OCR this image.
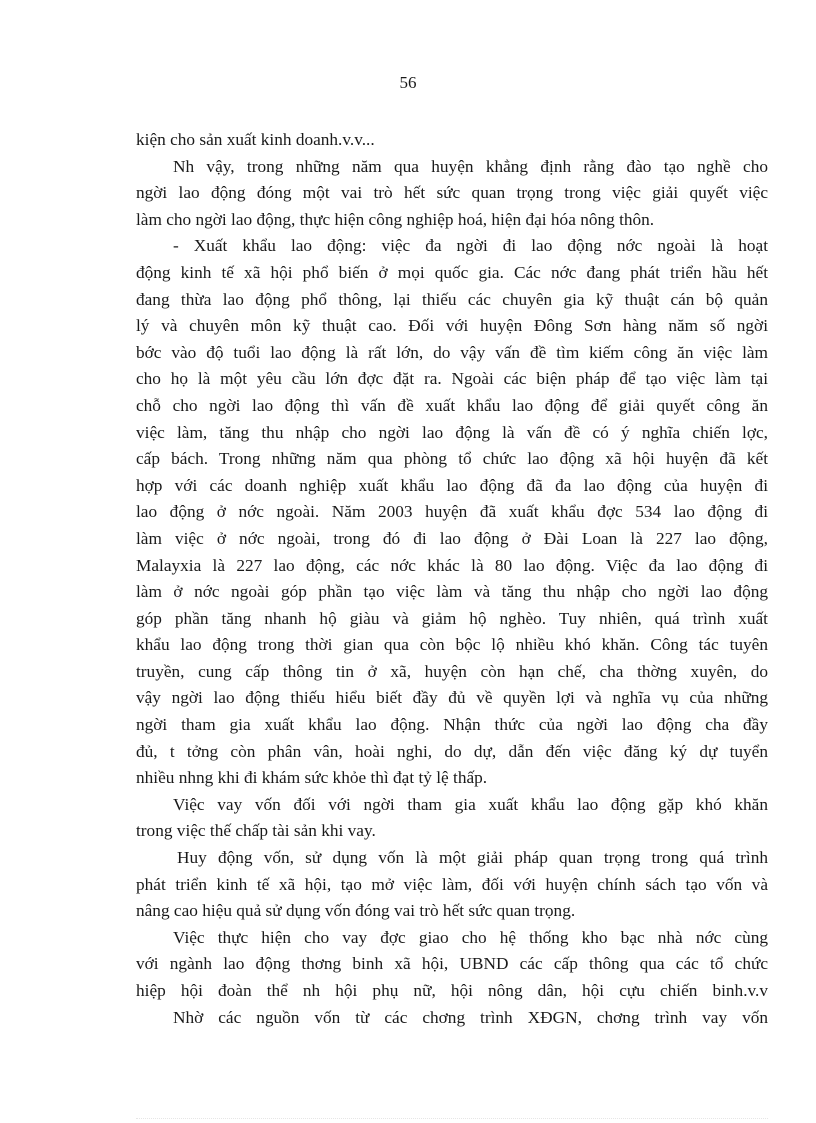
56
kiện cho sản xuất kinh doanh.v.v...
Nh vậy, trong những năm qua huyện khẳng định rằng đào tạo nghề cho
ngời lao động đóng một vai trò hết sức quan trọng trong việc giải quyết việc
làm cho ngời lao động, thực hiện công nghiệp hoá, hiện đại hóa nông thôn.
- Xuất khẩu lao động: việc đa ngời đi lao động nớc ngoài là hoạt
động kinh tế xã hội phổ biến ở mọi quốc gia. Các nớc đang phát triển hầu hết
đang thừa lao động phổ thông, lại thiếu các chuyên gia kỹ thuật cán bộ quản
lý và chuyên môn kỹ thuật cao. Đối với huyện Đông Sơn hàng năm số ngời
bớc vào độ tuổi lao động là rất lớn, do vậy vấn đề tìm kiếm công ăn việc làm
cho họ là một yêu cầu lớn đợc đặt ra. Ngoài các biện pháp để tạo việc làm tại
chỗ cho ngời lao động thì vấn đề xuất khẩu lao động để giải quyết công ăn
việc làm, tăng thu nhập cho ngời lao động là vấn đề có ý nghĩa chiến lợc,
cấp bách. Trong những năm qua phòng tổ chức lao động xã hội huyện đã kết
hợp với các doanh nghiệp xuất khẩu lao động đã đa lao động của huyện đi
lao động ở nớc ngoài. Năm 2003 huyện đã xuất khẩu đợc 534 lao động đi
làm việc ở nớc ngoài, trong đó đi lao động ở Đài Loan là 227 lao động,
Malayxia là 227 lao động, các nớc khác là 80 lao động. Việc đa lao động đi
làm ở nớc ngoài góp phần tạo việc làm và tăng thu nhập cho ngời lao động
góp phần tăng nhanh hộ giàu và giảm hộ nghèo. Tuy nhiên, quá trình xuất
khẩu lao động trong thời gian qua còn bộc lộ nhiều khó khăn. Công tác tuyên
truyền, cung cấp thông tin ở xã, huyện còn hạn chế, cha thờng xuyên, do
vậy ngời lao động thiếu hiểu biết đầy đủ về quyền lợi và nghĩa vụ của những
ngời tham gia xuất khẩu lao động. Nhận thức của ngời lao động cha đầy
đủ, t tởng còn phân vân, hoài nghi, do dự, dẫn đến việc đăng ký dự tuyển
nhiều nhng khi đi khám sức khỏe thì đạt tỷ lệ thấp.
Việc vay vốn đối với ngời tham gia xuất khẩu lao động gặp khó khăn
trong việc thế chấp tài sản khi vay.
Huy động vốn, sử dụng vốn là một giải pháp quan trọng trong quá trình
phát triển kinh tế xã hội, tạo mở việc làm, đối với huyện chính sách tạo vốn và
nâng cao hiệu quả sử dụng vốn đóng vai trò hết sức quan trọng.
Việc thực hiện cho vay đợc giao cho hệ thống kho bạc nhà nớc cùng
với ngành lao động thơng binh xã hội, UBND các cấp thông qua các tổ chức
hiệp hội đoàn thể nh hội phụ nữ, hội nông dân, hội cựu chiến binh.v.v
Nhờ các nguồn vốn từ các chơng trình XĐGN, chơng trình vay vốn
